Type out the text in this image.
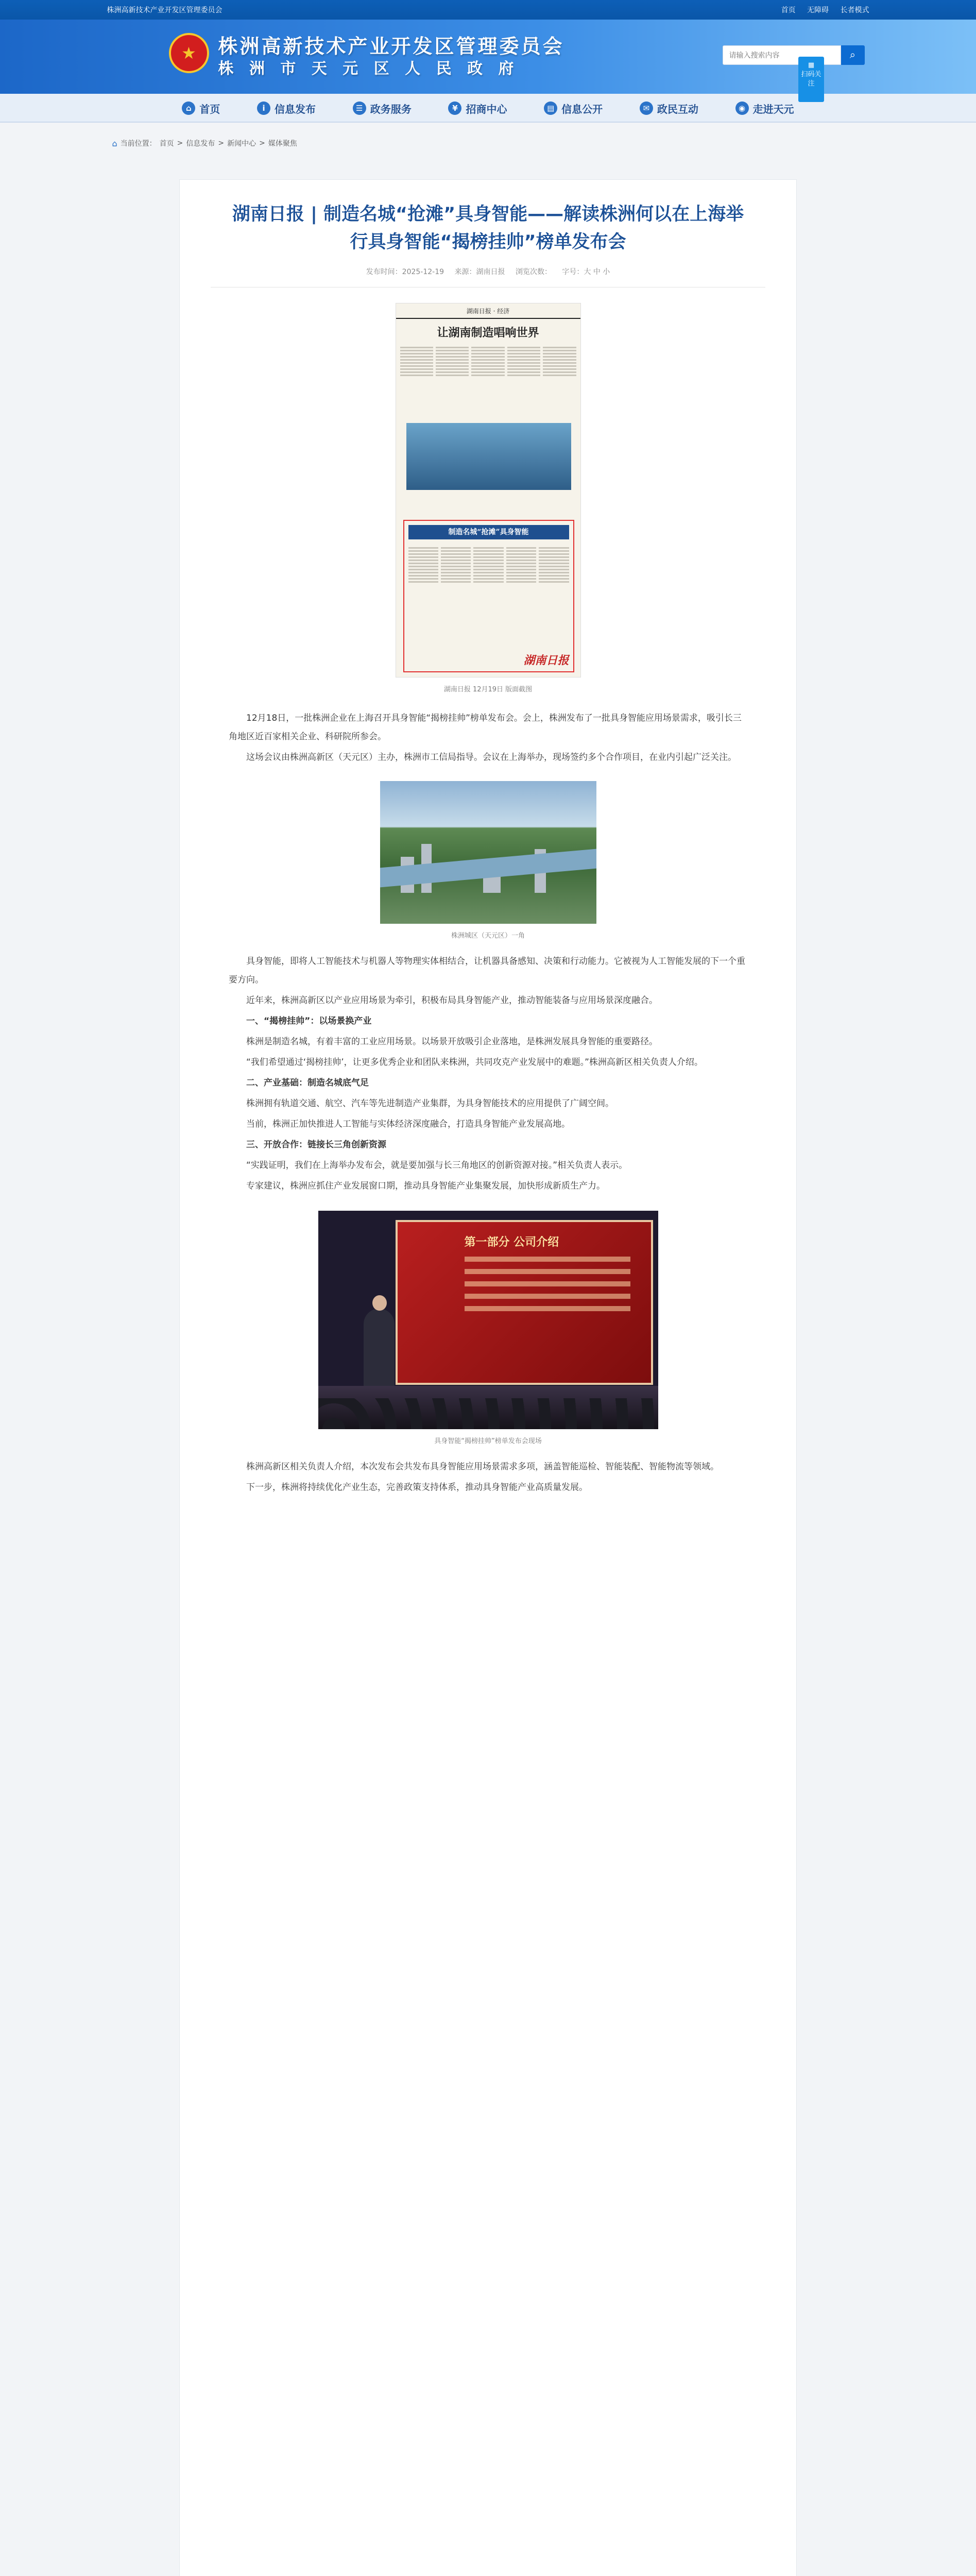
株洲高新技术产业开发区管理委员会	首页 无障碍 长者模式
★	株洲高新技术产业开发区管理委员会
株 洲 市 天 元 区 人 民 政 府
请输入搜索内容
⌕
▦
扫码关注
⌂ 首页	i 信息发布	☰ 政务服务	¥ 招商中心	▤ 信息公开	✉ 政民互动	◉ 走进天元
⌂ 当前位置： 首页 > 信息发布 > 新闻中心 > 媒体聚焦
湖南日报 | 制造名城“抢滩”具身智能——解读株洲何以在上海举行具身智能“揭榜挂帅”榜单发布会
发布时间：2025-12-19 来源：湖南日报 浏览次数： 字号：大 中 小
湖南日报 · 经济
让湖南制造唱响世界
制造名城“抢滩”具身智能
湖南日报
湖南日报 12月19日 版面截图

12月18日，一批株洲企业在上海召开具身智能“揭榜挂帅”榜单发布会。会上，株洲发布了一批具身智能应用场景需求，吸引长三角地区近百家相关企业、科研院所参会。

这场会议由株洲高新区（天元区）主办，株洲市工信局指导。会议在上海举办，现场签约多个合作项目，在业内引起广泛关注。

株洲城区（天元区）一角

具身智能，即将人工智能技术与机器人等物理实体相结合，让机器具备感知、决策和行动能力。它被视为人工智能发展的下一个重要方向。

近年来，株洲高新区以产业应用场景为牵引，积极布局具身智能产业，推动智能装备与应用场景深度融合。

一、“揭榜挂帅”：以场景换产业

株洲是制造名城，有着丰富的工业应用场景。以场景开放吸引企业落地，是株洲发展具身智能的重要路径。

“我们希望通过‘揭榜挂帅’，让更多优秀企业和团队来株洲，共同攻克产业发展中的难题。”株洲高新区相关负责人介绍。

二、产业基础：制造名城底气足

株洲拥有轨道交通、航空、汽车等先进制造产业集群，为具身智能技术的应用提供了广阔空间。

当前，株洲正加快推进人工智能与实体经济深度融合，打造具身智能产业发展高地。

三、开放合作：链接长三角创新资源

“实践证明，我们在上海举办发布会，就是要加强与长三角地区的创新资源对接。”相关负责人表示。

专家建议，株洲应抓住产业发展窗口期，推动具身智能产业集聚发展，加快形成新质生产力。

第一部分 公司介绍
具身智能“揭榜挂帅”榜单发布会现场

株洲高新区相关负责人介绍，本次发布会共发布具身智能应用场景需求多项，涵盖智能巡检、智能装配、智能物流等领域。

下一步，株洲将持续优化产业生态，完善政策支持体系，推动具身智能产业高质量发展。
